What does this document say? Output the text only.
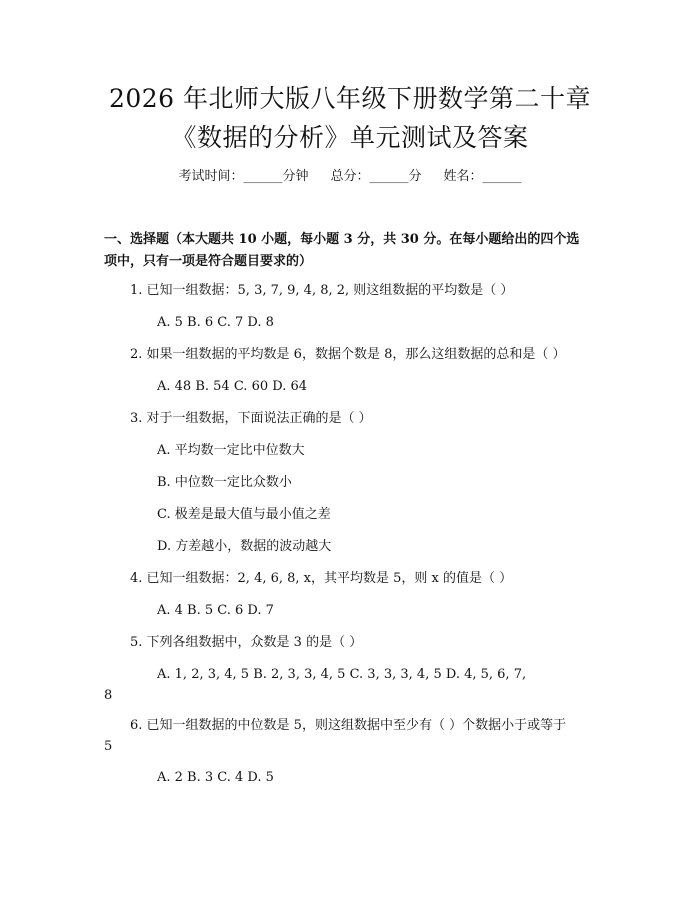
2026 年北师大版八年级下册数学第二十章
《数据的分析》单元测试及答案
考试时间：______分钟 总分：______分 姓名：______
一、选择题（本大题共 10 小题，每小题 3 分，共 30 分。在每小题给出的四个选
项中，只有一项是符合题目要求的）
1. 已知一组数据：5, 3, 7, 9, 4, 8, 2, 则这组数据的平均数是（ ）
A. 5 B. 6 C. 7 D. 8
2. 如果一组数据的平均数是 6，数据个数是 8，那么这组数据的总和是（ ）
A. 48 B. 54 C. 60 D. 64
3. 对于一组数据，下面说法正确的是（ ）
A. 平均数一定比中位数大
B. 中位数一定比众数小
C. 极差是最大值与最小值之差
D. 方差越小，数据的波动越大
4. 已知一组数据：2, 4, 6, 8, x，其平均数是 5，则 x 的值是（ ）
A. 4 B. 5 C. 6 D. 7
5. 下列各组数据中，众数是 3 的是（ ）
A. 1, 2, 3, 4, 5 B. 2, 3, 3, 4, 5 C. 3, 3, 3, 4, 5 D. 4, 5, 6, 7,
8
6. 已知一组数据的中位数是 5，则这组数据中至少有（ ）个数据小于或等于
5
A. 2 B. 3 C. 4 D. 5
